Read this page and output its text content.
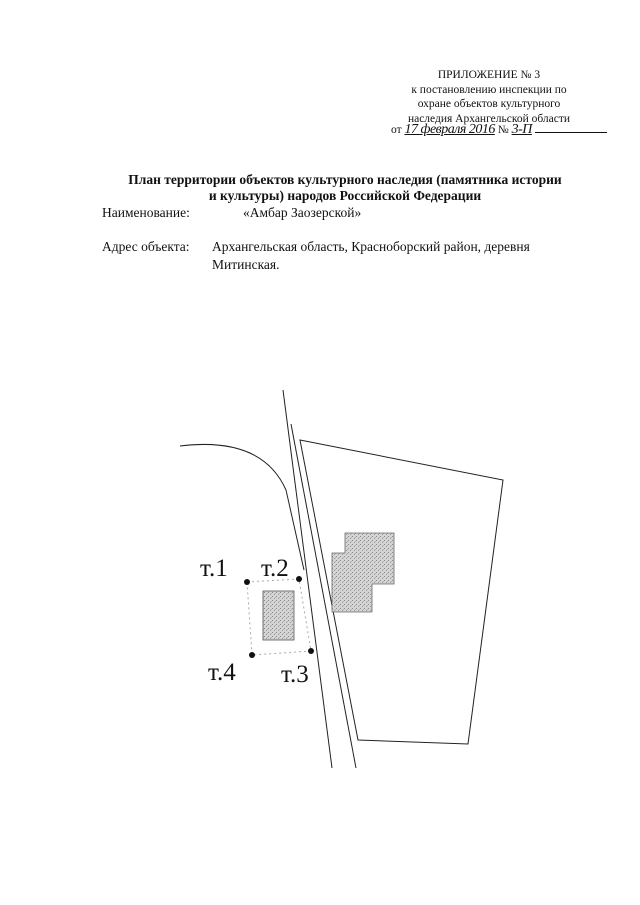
ПРИЛОЖЕНИЕ № 3
к постановлению инспекции по
охране объектов культурного
наследия Архангельской области
от 17 февраля 2016 № 3-П
План территории объектов культурного наследия (памятника истории
и культуры) народов Российской Федерации
Наименование:	«Амбар Заозерской»
Адрес объекта: Архангельская область, Красноборский район, деревня
Митинская.
т.1 т.2
т.3
т.4
